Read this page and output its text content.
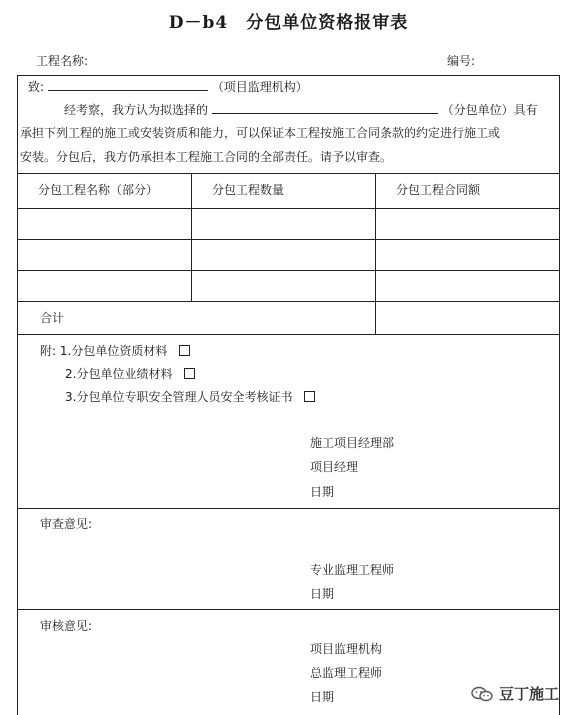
D－b4　分包单位资格报审表
工程名称:	编号:
致:	（项目监理机构）
经考察，我方认为拟选择的	（分包单位）具有
承担下列工程的施工或安装资质和能力，可以保证本工程按施工合同条款的约定进行施工或
安装。分包后，我方仍承担本工程施工合同的全部责任。请予以审查。
分包工程名称（部分）	分包工程数量	分包工程合同额
合计
附: 1.分包单位资质材料
2.分包单位业绩材料
3.分包单位专职安全管理人员安全考核证书
施工项目经理部
项目经理
日期
审查意见:
专业监理工程师
日期
审核意见:
项目监理机构
总监理工程师
日期	豆丁施工
